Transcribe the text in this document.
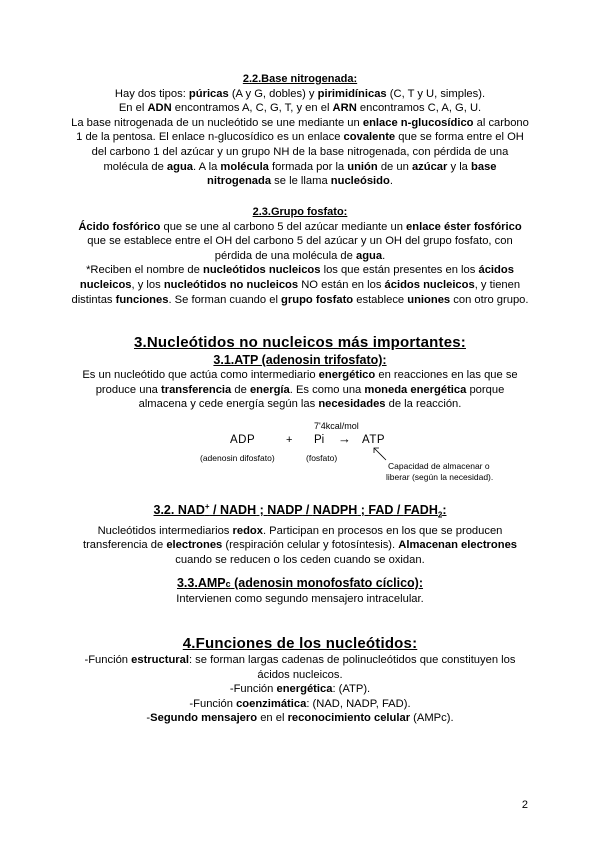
2.2.Base nitrogenada:

Hay dos tipos: púricas (A y G, dobles) y pirimidínicas (C, T y U, simples).

En el ADN encontramos A, C, G, T, y en el ARN encontramos C, A, G, U.

La base nitrogenada de un nucleótido se une mediante un enlace n-glucosídico al carbono

1 de la pentosa. El enlace n-glucosídico es un enlace covalente que se forma entre el OH

del carbono 1 del azúcar y un grupo NH de la base nitrogenada, con pérdida de una

molécula de agua. A la molécula formada por la unión de un azúcar y la base

nitrogenada se le llama nucleósido.

2.3.Grupo fosfato:

Ácido fosfórico que se une al carbono 5 del azúcar mediante un enlace éster fosfórico

que se establece entre el OH del carbono 5 del azúcar y un OH del grupo fosfato, con

pérdida de una molécula de agua.

*Reciben el nombre de nucleótidos nucleicos los que están presentes en los ácidos

nucleicos, y los nucleótidos no nucleicos NO están en los ácidos nucleicos, y tienen

distintas funciones. Se forman cuando el grupo fosfato establece uniones con otro grupo.

3.Nucleótidos no nucleicos más importantes:

3.1.ATP (adenosin trifosfato):

Es un nucleótido que actúa como intermediario energético en reacciones en las que se

produce una transferencia de energía. Es como una moneda energética porque

almacena y cede energía según las necesidades de la reacción.

7'4kcal/mol
ADP	+ Pi → ATP
(adenosin difosfato)	(fosfato)
Capacidad de almacenar o
liberar (según la necesidad).

3.2. NAD+ / NADH ; NADP / NADPH ; FAD / $FADH_2$:

Nucleótidos intermediarios redox. Participan en procesos en los que se producen

transferencia de electrones (respiración celular y fotosíntesis). Almacenan electrones

cuando se reducen o los ceden cuando se oxidan.

3.3.AMPc (adenosin monofosfato cíclico):

Intervienen como segundo mensajero intracelular.

4.Funciones de los nucleótidos:

-Función estructural: se forman largas cadenas de polinucleótidos que constituyen los

ácidos nucleicos.

-Función energética: (ATP).

-Función coenzimática: (NAD, NADP, FAD).

-Segundo mensajero en el reconocimiento celular (AMPc).

2
